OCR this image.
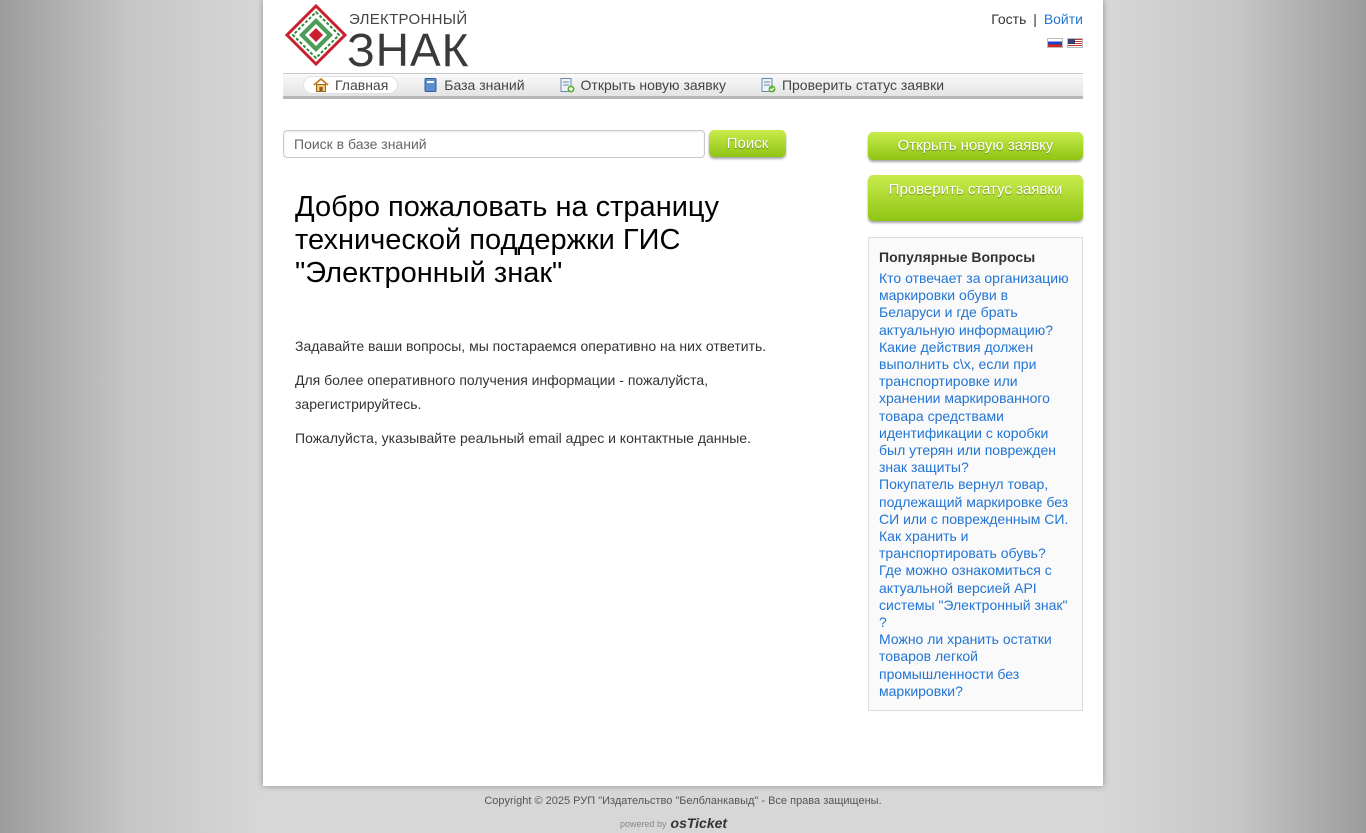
ЭЛЕКТРОННЫЙ
ЗНАК
Гость | Войти
Главная	База знаний	Открыть новую заявку	Проверить статус заявки
Поиск в базе знаний
Поиск
Добро пожаловать на страницу технической поддержки ГИС "Электронный знак"

Задавайте ваши вопросы, мы постараемся оперативно на них ответить.

Для более оперативного получения информации - пожалуйста, зарегистрируйтесь.

Пожалуйста, указывайте реальный email адрес и контактные данные.

Открыть новую заявку
Проверить статус заявки
Популярные Вопросы
Кто отвечает за организацию маркировки обуви в Беларуси и где брать актуальную информацию?
Какие действия должен выполнить с\х, если при транспортировке или хранении маркированного товара средствами идентификации с коробки был утерян или поврежден знак защиты?
Покупатель вернул товар, подлежащий маркировке без СИ или с поврежденным СИ.
Как хранить и транспортировать обувь?
Где можно ознакомиться с актуальной версией API системы "Электронный знак" ?
Можно ли хранить остатки товаров легкой промышленности без маркировки?
Copyright © 2025 РУП "Издательство "Белбланкавыд" - Все права защищены.
powered by osTicket
